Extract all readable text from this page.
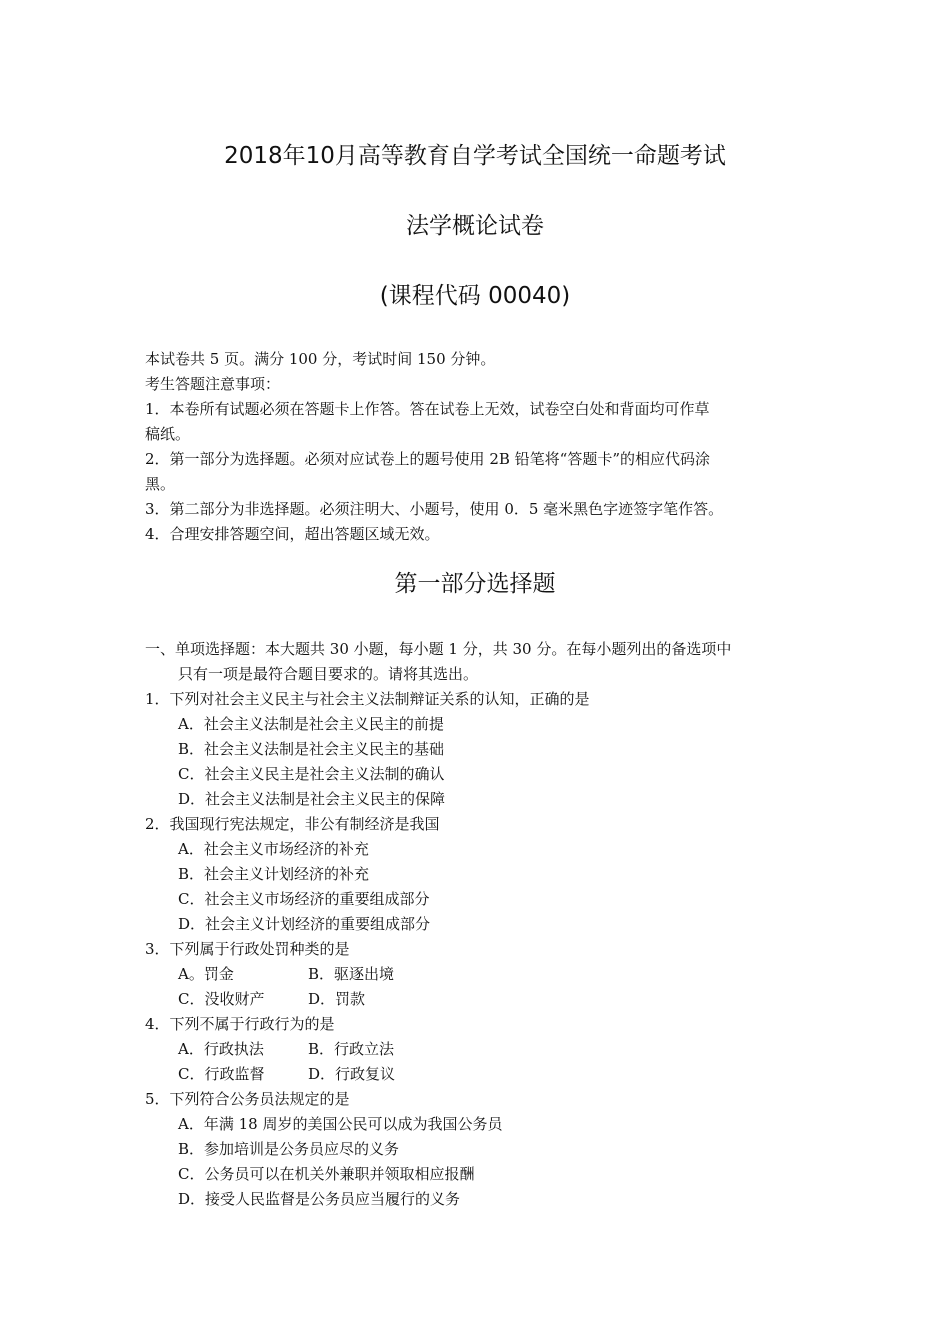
2018年10月高等教育自学考试全国统一命题考试
法学概论试卷
(课程代码 00040)
本试卷共 5 页。满分 100 分，考试时间 150 分钟。
考生答题注意事项：
1．本卷所有试题必须在答题卡上作答。答在试卷上无效，试卷空白处和背面均可作草
稿纸。
2．第一部分为选择题。必须对应试卷上的题号使用 2B 铅笔将“答题卡”的相应代码涂
黑。
3．第二部分为非选择题。必须注明大、小题号，使用 0．5 毫米黑色字迹签字笔作答。
4．合理安排答题空间，超出答题区域无效。
第一部分选择题
一、单项选择题：本大题共 30 小题，每小题 1 分，共 30 分。在每小题列出的备选项中
只有一项是最符合题目要求的。请将其选出。
1．下列对社会主义民主与社会主义法制辩证关系的认知，正确的是
A．社会主义法制是社会主义民主的前提
B．社会主义法制是社会主义民主的基础
C．社会主义民主是社会主义法制的确认
D．社会主义法制是社会主义民主的保障
2．我国现行宪法规定，非公有制经济是我国
A．社会主义市场经济的补充
B．社会主义计划经济的补充
C．社会主义市场经济的重要组成部分
D．社会主义计划经济的重要组成部分
3．下列属于行政处罚种类的是
A。罚金	B．驱逐出境
C．没收财产	D．罚款
4．下列不属于行政行为的是
A．行政执法	B．行政立法
C．行政监督	D．行政复议
5．下列符合公务员法规定的是
A．年满 18 周岁的美国公民可以成为我国公务员
B．参加培训是公务员应尽的义务
C．公务员可以在机关外兼职并领取相应报酬
D．接受人民监督是公务员应当履行的义务
